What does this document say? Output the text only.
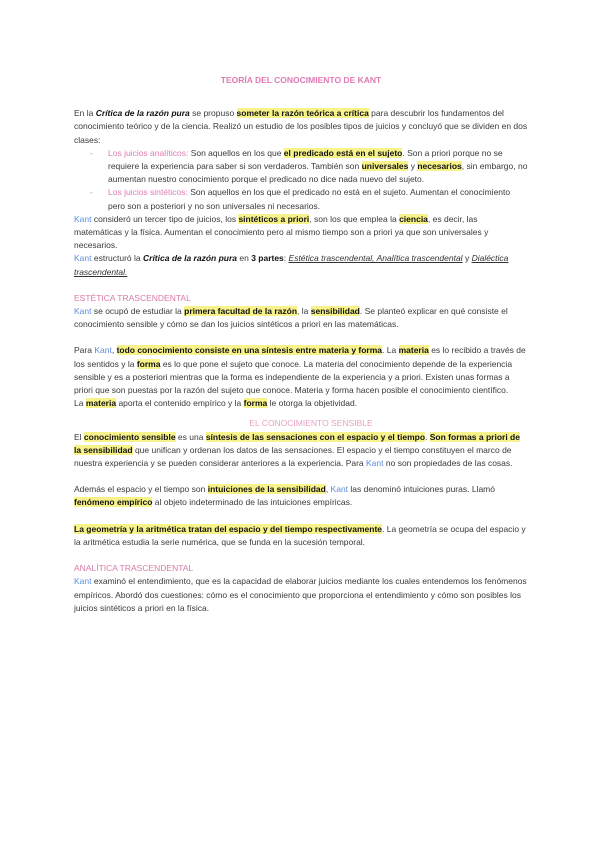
TEORÍA DEL CONOCIMIENTO DE KANT

En la Crítica de la razón pura se propuso someter la razón teórica a crítica para descubrir los fundamentos del conocimiento teórico y de la ciencia. Realizó un estudio de los posibles tipos de juicios y concluyó que se dividen en dos clases:

- Los juicios analíticos: Son aquellos en los que el predicado está en el sujeto. Son a priori porque no se requiere la experiencia para saber si son verdaderos. También son universales y necesarios, sin embargo, no aumentan nuestro conocimiento porque el predicado no dice nada nuevo del sujeto.
- Los juicios sintéticos: Son aquellos en los que el predicado no está en el sujeto. Aumentan el conocimiento pero son a posteriori y no son universales ni necesarios.

Kant consideró un tercer tipo de juicios, los sintéticos a priori, son los que emplea la ciencia, es decir, las matemáticas y la física. Aumentan el conocimiento pero al mismo tiempo son a priori ya que son universales y necesarios.

Kant estructuró la Crítica de la razón pura en 3 partes: Estética trascendental, Analítica trascendental y Dialéctica trascendental.

ESTÉTICA TRASCENDENTAL

Kant se ocupó de estudiar la primera facultad de la razón, la sensibilidad. Se planteó explicar en qué consiste el conocimiento sensible y cómo se dan los juicios sintéticos a priori en las matemáticas.

Para Kant, todo conocimiento consiste en una síntesis entre materia y forma. La materia es lo recibido a través de los sentidos y la forma es lo que pone el sujeto que conoce. La materia del conocimiento depende de la experiencia sensible y es a posteriori mientras que la forma es independiente de la experiencia y a priori. Existen unas formas a priori que son puestas por la razón del sujeto que conoce. Materia y forma hacen posible el conocimiento científico.

La materia aporta el contenido empírico y la forma le otorga la objetividad.

EL CONOCIMIENTO SENSIBLE

El conocimiento sensible es una síntesis de las sensaciones con el espacio y el tiempo. Son formas a priori de la sensibilidad que unifican y ordenan los datos de las sensaciones. El espacio y el tiempo constituyen el marco de nuestra experiencia y se pueden considerar anteriores a la experiencia. Para Kant no son propiedades de las cosas.

Además el espacio y el tiempo son intuiciones de la sensibilidad, Kant las denominó intuiciones puras. Llamó fenómeno empírico al objeto indeterminado de las intuiciones empíricas.

La geometría y la aritmética tratan del espacio y del tiempo respectivamente. La geometría se ocupa del espacio y la aritmética estudia la serie numérica, que se funda en la sucesión temporal.

ANALÍTICA TRASCENDENTAL

Kant examinó el entendimiento, que es la capacidad de elaborar juicios mediante los cuales entendemos los fenómenos empíricos. Abordó dos cuestiones: cómo es el conocimiento que proporciona el entendimiento y cómo son posibles los juicios sintéticos a priori en la física.
